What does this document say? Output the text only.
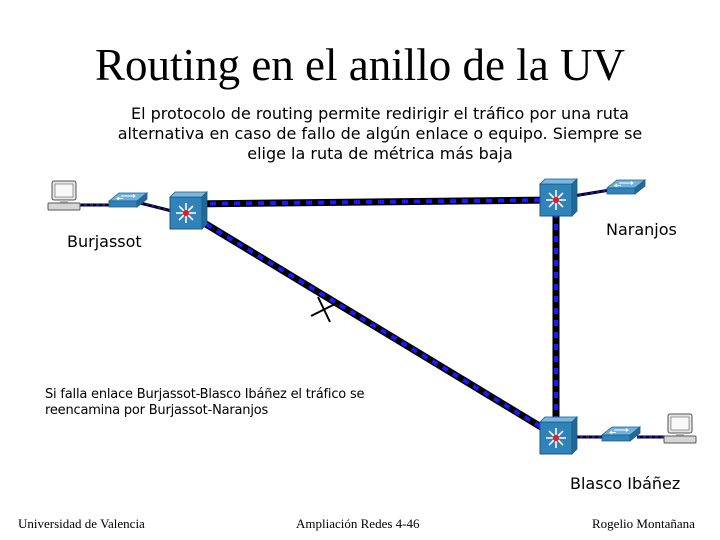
Routing en el anillo de la UV
El protocolo de routing permite redirigir el tráfico por una ruta alternativa en caso de fallo de algún enlace o equipo. Siempre se elige la ruta de métrica más baja
Burjassot
Naranjos
Blasco Ibáñez
Si falla enlace Burjassot-Blasco Ibáñez el tráfico se reencamina por Burjassot-Naranjos
Universidad de Valencia	Ampliación Redes 4-46	Rogelio Montañana
